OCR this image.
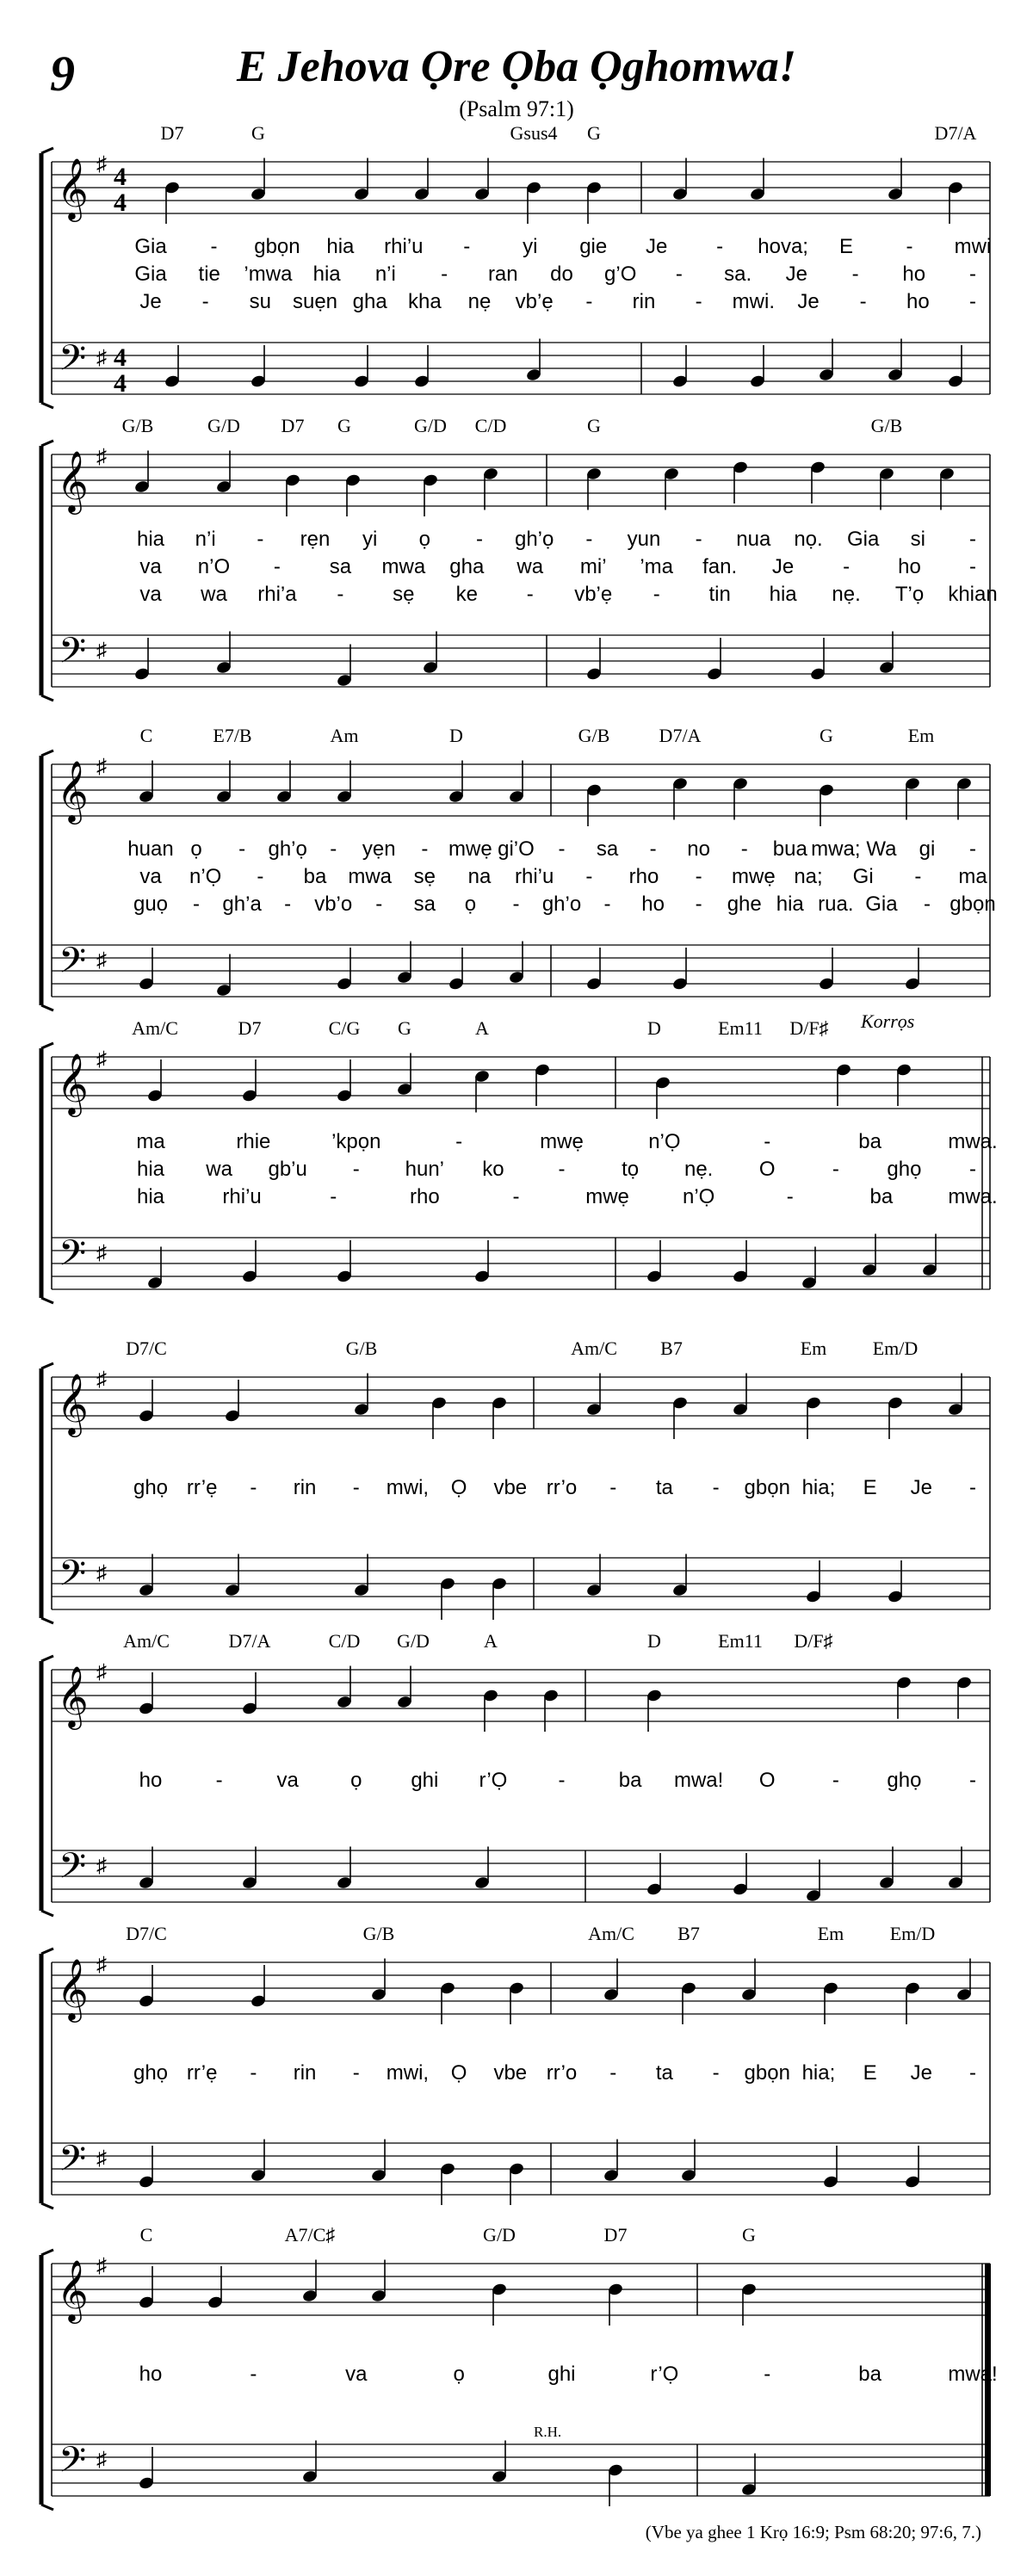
9	E Jehova Ọre Ọba Ọghomwa!
(Psalm 97:1)
𝄞
𝄢
♯
♯
4
4
4
4
D7	G	Gsus4 G	D7/A
Gia - gbọn hia rhi’u -	yi gie Je - hova; E	- mwi
Gia tie ’mwa hia n’i - ran do g’O - sa. Je - ho -
Je - su suẹn gha kha nẹ vb’ẹ - rin - mwi. Je - ho -
𝄞
𝄢
♯
♯
G/B	G/D D7 G	G/D C/D	G	G/B
hia n’i - rẹn yi ọ - gh’ọ - yun - nua nọ. Gia si -
va n’O - sa mwa gha wa mi’ ’ma fan. Je - ho -
va wa rhi’a - sẹ ke - vb’ẹ - tin hia nẹ. T’ọ khian
𝄞
𝄢
♯
♯
C	E7/B	Am	D	G/B	D7/A	G	Em
huan ọ - gh’ọ - yẹn - mwẹ gi’O - sa - no - bua mwa; Wa gi -
va n’Ọ - ba mwa sẹ na rhi’u - rho - mwẹ na; Gi - ma
guọ - gh’a - vb’o - sa ọ - gh’o - ho - ghe hia rua. Gia - gbọn
𝄞
𝄢
♯
♯
Am/C	D7	C/G G	A	D	Em11 D/F♯ Korrọs
ma	rhie	’kpọn	-	mwẹ	n’Ọ	-	ba	mwa.
hia wa gb’u - hun’ ko	-	tọ nẹ. O	- ghọ -
hia	rhi’u	-	rho	-	mwẹ	n’Ọ	-	ba	mwa.
𝄞
𝄢
♯
♯
D7/C	G/B	Am/C B7	Em Em/D
ghọ rr’ẹ - rin - mwi, Ọ vbe rr’o - ta - gbọn hia; E Je -
𝄞
𝄢
♯
♯
Am/C	D7/A	C/D G/D	A	D	Em11 D/F♯
ho	-	va	ọ ghi r’Ọ -	ba mwa! O	- ghọ -
𝄞
𝄢
♯
♯
D7/C	G/B	Am/C B7	Em Em/D
ghọ rr’ẹ - rin - mwi, Ọ vbe rr’o - ta - gbọn hia; E Je -
𝄞
𝄢
♯
♯
C	A7/C♯	G/D	D7	G
R.H.
ho	-	va	ọ	ghi	r’Ọ	-	ba	mwa!
(Vbe ya ghee 1 Krọ 16:9; Psm 68:20; 97:6, 7.)
